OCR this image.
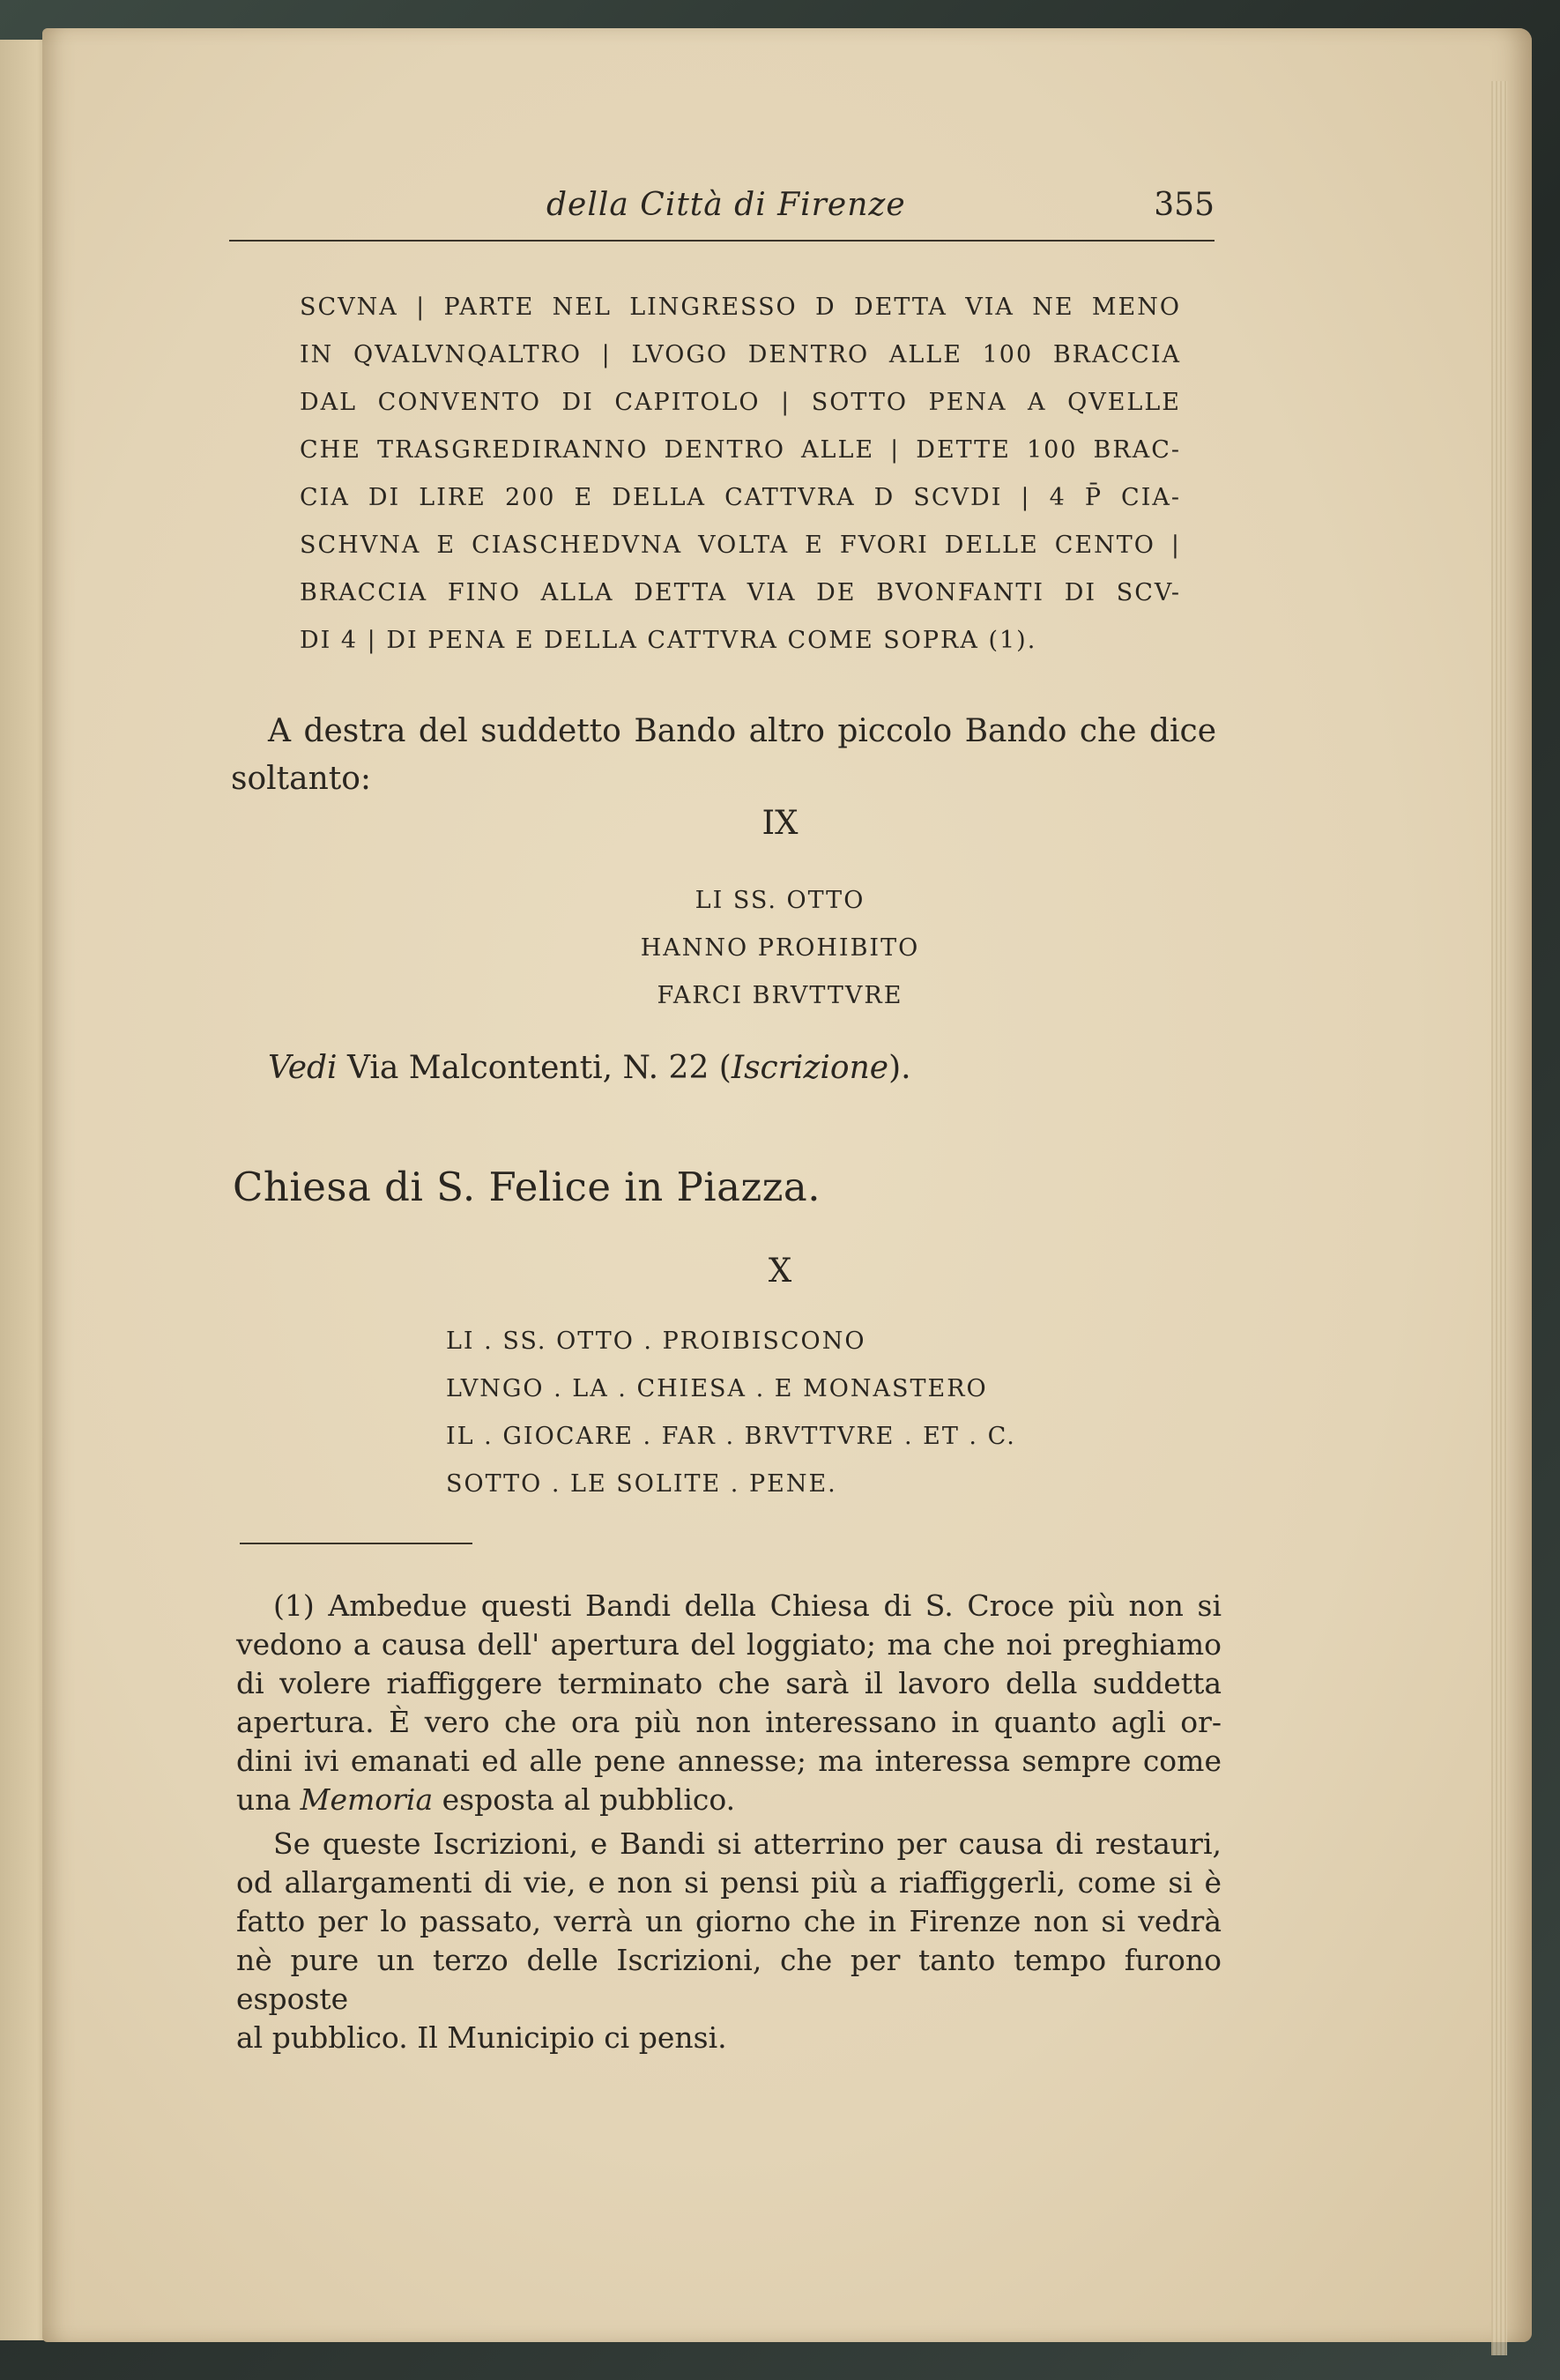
della Città di Firenze	355
SCVNA | PARTE NEL LINGRESSO D DETTA VIA NE MENO
IN QVALVNQALTRO | LVOGO DENTRO ALLE 100 BRACCIA
DAL CONVENTO DI CAPITOLO | SOTTO PENA A QVELLE
CHE TRASGREDIRANNO DENTRO ALLE | DETTE 100 BRAC-
CIA DI LIRE 200 E DELLA CATTVRA D SCVDI | 4 P̄ CIA-
SCHVNA E CIASCHEDVNA VOLTA E FVORI DELLE CENTO |
BRACCIA FINO ALLA DETTA VIA DE BVONFANTI DI SCV-
DI 4 | DI PENA E DELLA CATTVRA COME SOPRA (1).

A destra del suddetto Bando altro piccolo Bando che dice

soltanto:

IX
LI SS. OTTO
HANNO PROHIBITO
FARCI BRVTTVRE

Vedi Via Malcontenti, N. 22 (Iscrizione).

Chiesa di S. Felice in Piazza.
X
LI . SS. OTTO . PROIBISCONO
LVNGO . LA . CHIESA . E MONASTERO
IL . GIOCARE . FAR . BRVTTVRE . ET . C.
SOTTO . LE SOLITE . PENE.

(1) Ambedue questi Bandi della Chiesa di S. Croce più non si

vedono a causa dell' apertura del loggiato; ma che noi preghiamo

di volere riaffiggere terminato che sarà il lavoro della suddetta

apertura. È vero che ora più non interessano in quanto agli or-

dini ivi emanati ed alle pene annesse; ma interessa sempre come

una Memoria esposta al pubblico.

Se queste Iscrizioni, e Bandi si atterrino per causa di restauri,

od allargamenti di vie, e non si pensi più a riaffiggerli, come si è

fatto per lo passato, verrà un giorno che in Firenze non si vedrà

nè pure un terzo delle Iscrizioni, che per tanto tempo furono esposte

al pubblico. Il Municipio ci pensi.
